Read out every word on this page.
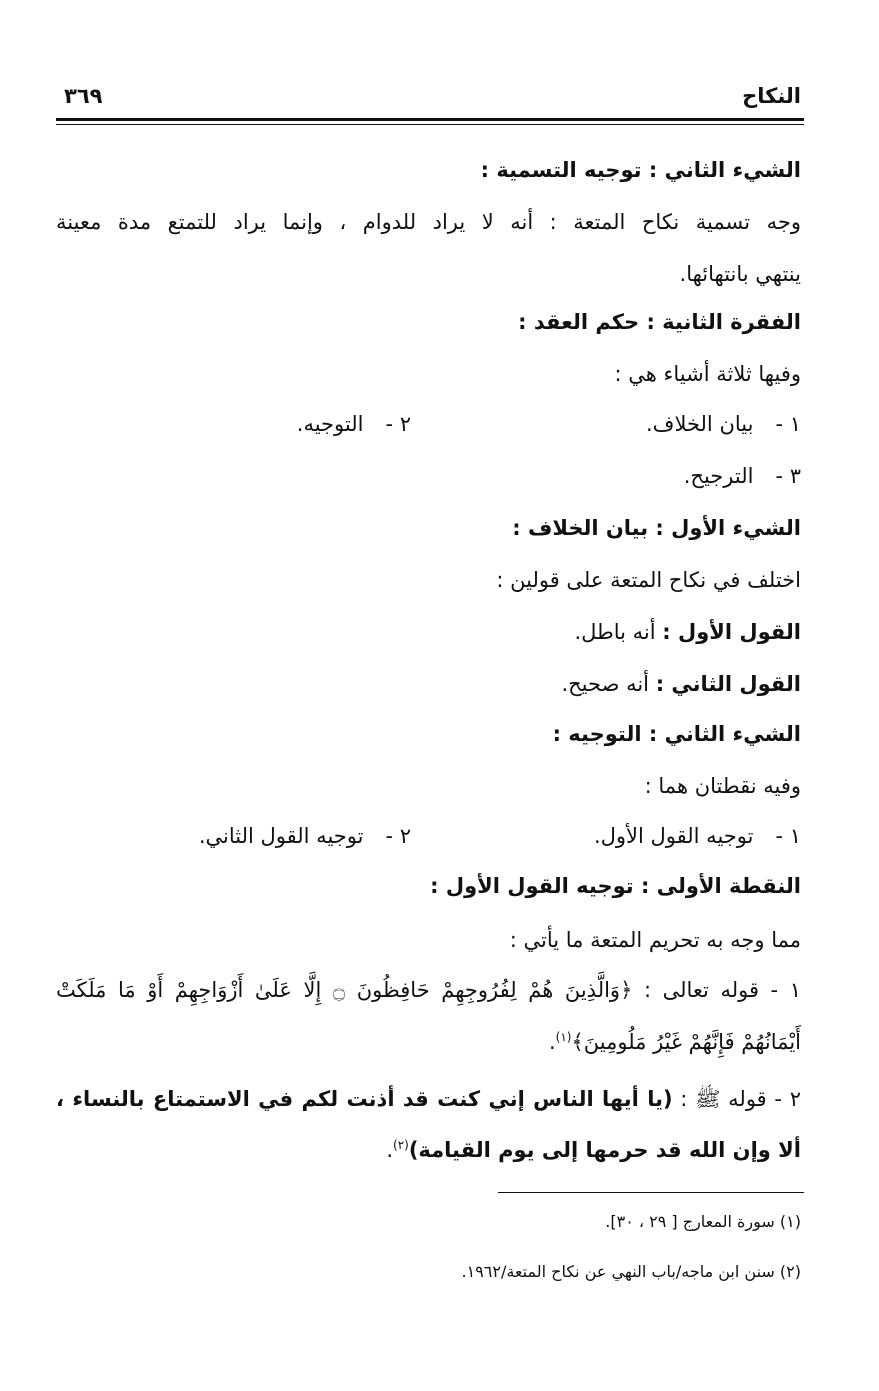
النكاح
٣٦٩
الشيء الثاني : توجيه التسمية :
وجه تسمية نكاح المتعة : أنه لا يراد للدوام ، وإنما يراد للتمتع مدة معينة
ينتهي بانتهائها.
الفقرة الثانية : حكم العقد :
وفيها ثلاثة أشياء هي :
١ -بيان الخلاف.
٢ -التوجيه.
٣ -الترجيح.
الشيء الأول : بيان الخلاف :
اختلف في نكاح المتعة على قولين :
القول الأول : أنه باطل.
القول الثاني : أنه صحيح.
الشيء الثاني : التوجيه :
وفيه نقطتان هما :
١ -توجيه القول الأول.
٢ -توجيه القول الثاني.
النقطة الأولى : توجيه القول الأول :
مما وجه به تحريم المتعة ما يأتي :
١ - قوله تعالى : ﴿وَالَّذِينَ هُمْ لِفُرُوجِهِمْ حَافِظُونَ ۝ إِلَّا عَلَىٰ أَزْوَاجِهِمْ أَوْ مَا مَلَكَتْ
أَيْمَانُهُمْ فَإِنَّهُمْ غَيْرُ مَلُومِينَ﴾$^{(١)}$.
٢ - قوله ﷺ : (يا أيها الناس إني كنت قد أذنت لكم في الاستمتاع بالنساء ،
ألا وإن الله قد حرمها إلى يوم القيامة)$^{(٢)}$.
(١) سورة المعارج [ ٢٩ ، ٣٠].
(٢) سنن ابن ماجه/باب النهي عن نكاح المتعة/١٩٦٢.
